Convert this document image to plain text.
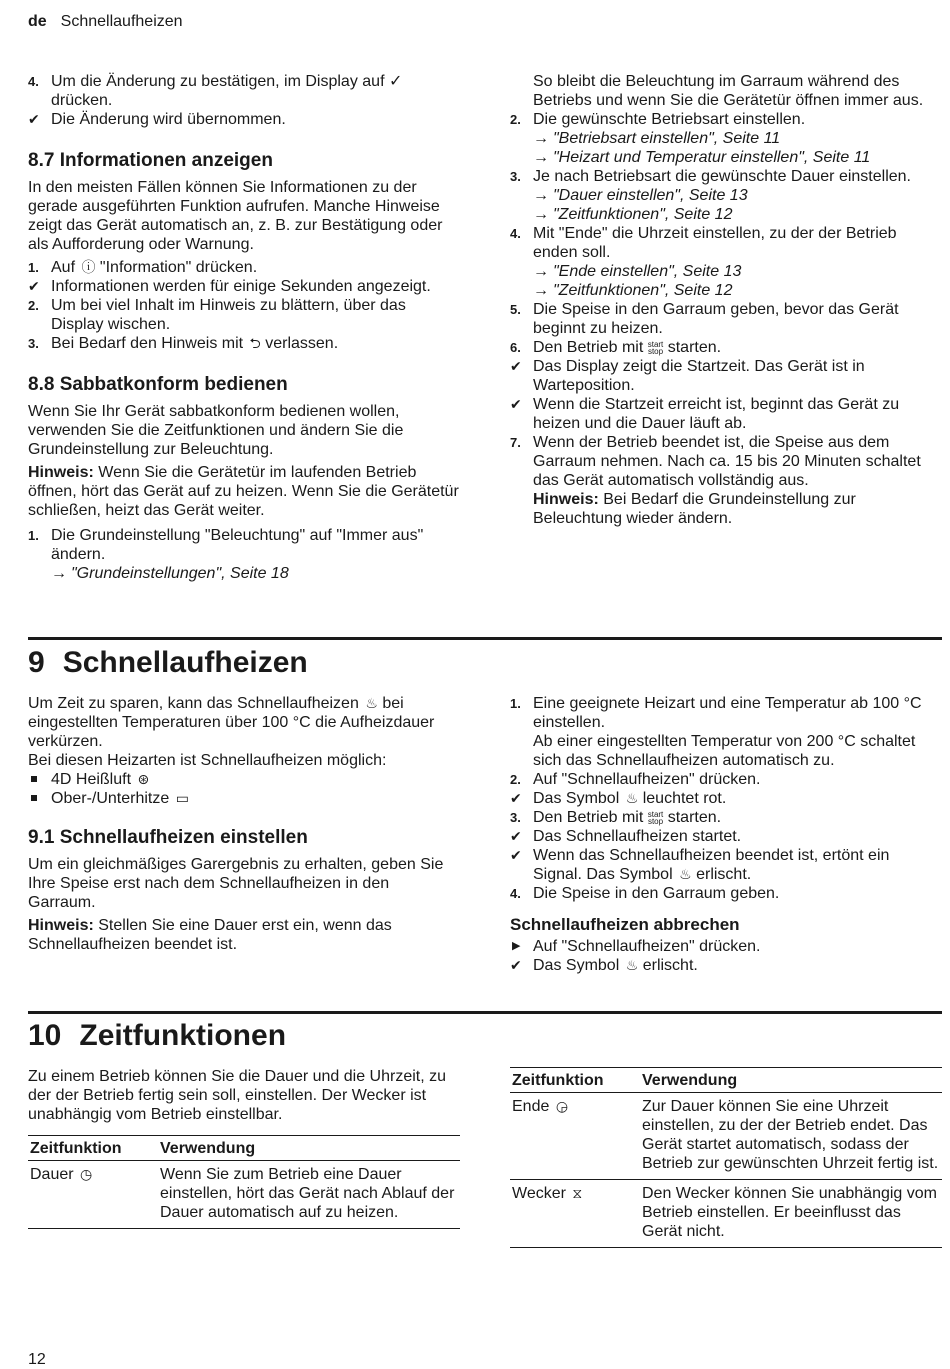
de Schnellaufheizen
4. Um die Änderung zu bestätigen, im Display auf ✓ drücken.
✔ Die Änderung wird übernommen.
8.7 Informationen anzeigen

In den meisten Fällen können Sie Informationen zu der gerade ausgeführten Funktion aufrufen. Manche Hinweise zeigt das Gerät automatisch an, z. B. zur Bestätigung oder als Aufforderung oder Warnung.

1. Auf ⓘ "Information" drücken.
✔ Informationen werden für einige Sekunden angezeigt.
2. Um bei viel Inhalt im Hinweis zu blättern, über das Display wischen.
3. Bei Bedarf den Hinweis mit ⮌ verlassen.
8.8 Sabbatkonform bedienen

Wenn Sie Ihr Gerät sabbatkonform bedienen wollen, verwenden Sie die Zeitfunktionen und ändern Sie die Grundeinstellung zur Beleuchtung.

Hinweis: Wenn Sie die Gerätetür im laufenden Betrieb öffnen, hört das Gerät auf zu heizen. Wenn Sie die Gerätetür schließen, heizt das Gerät weiter.

1. Die Grundeinstellung "Beleuchtung" auf "Immer aus" ändern.
→ "Grundeinstellungen", Seite 18

So bleibt die Beleuchtung im Garraum während des Betriebs und wenn Sie die Gerätetür öffnen immer aus.

2. Die gewünschte Betriebsart einstellen.
→ "Betriebsart einstellen", Seite 11
→ "Heizart und Temperatur einstellen", Seite 11
3. Je nach Betriebsart die gewünschte Dauer einstellen.
→ "Dauer einstellen", Seite 13
→ "Zeitfunktionen", Seite 12
4. Mit "Ende" die Uhrzeit einstellen, zu der der Betrieb enden soll.
→ "Ende einstellen", Seite 13
→ "Zeitfunktionen", Seite 12
5. Die Speise in den Garraum geben, bevor das Gerät beginnt zu heizen.
6. Den Betrieb mit start
stop starten.
✔ Das Display zeigt die Startzeit. Das Gerät ist in Warteposition.
✔ Wenn die Startzeit erreicht ist, beginnt das Gerät zu heizen und die Dauer läuft ab.
7. Wenn der Betrieb beendet ist, die Speise aus dem Garraum nehmen. Nach ca. 15 bis 20 Minuten schaltet das Gerät automatisch vollständig aus.

Hinweis: Bei Bedarf die Grundeinstellung zur Beleuchtung wieder ändern.

9 Schnellaufheizen

Um Zeit zu sparen, kann das Schnellaufheizen ♨ bei eingestellten Temperaturen über 100 °C die Aufheizdauer verkürzen.

Bei diesen Heizarten ist Schnellaufheizen möglich:

4D Heißluft ⊛
Ober-/Unterhitze ▭
9.1 Schnellaufheizen einstellen

Um ein gleichmäßiges Garergebnis zu erhalten, geben Sie Ihre Speise erst nach dem Schnellaufheizen in den Garraum.

Hinweis: Stellen Sie eine Dauer erst ein, wenn das Schnellaufheizen beendet ist.

1. Eine geeignete Heizart und eine Temperatur ab 100 °C einstellen.
Ab einer eingestellten Temperatur von 200 °C schaltet sich das Schnellaufheizen automatisch zu.
2. Auf "Schnellaufheizen" drücken.
✔ Das Symbol ♨ leuchtet rot.
3. Den Betrieb mit start
stop starten.
✔ Das Schnellaufheizen startet.
✔ Wenn das Schnellaufheizen beendet ist, ertönt ein Signal. Das Symbol ♨ erlischt.
4. Die Speise in den Garraum geben.
Schnellaufheizen abbrechen
▶ Auf "Schnellaufheizen" drücken.
✔ Das Symbol ♨ erlischt.
10 Zeitfunktionen

Zu einem Betrieb können Sie die Dauer und die Uhrzeit, zu der der Betrieb fertig sein soll, einstellen. Der Wecker ist unabhängig vom Betrieb einstellbar.

Zeitfunktion	Verwendung
Dauer ◷	Wenn Sie zum Betrieb eine Dauer einstellen, hört das Gerät nach Ablauf der Dauer automatisch auf zu heizen.
Zeitfunktion	Verwendung
Ende ◶	Zur Dauer können Sie eine Uhrzeit einstellen, zu der der Betrieb endet. Das Gerät startet automatisch, sodass der Betrieb zur gewünschten Uhrzeit fertig ist.
Wecker ⧖	Den Wecker können Sie unabhängig vom Betrieb einstellen. Er beeinflusst das Gerät nicht.
12
